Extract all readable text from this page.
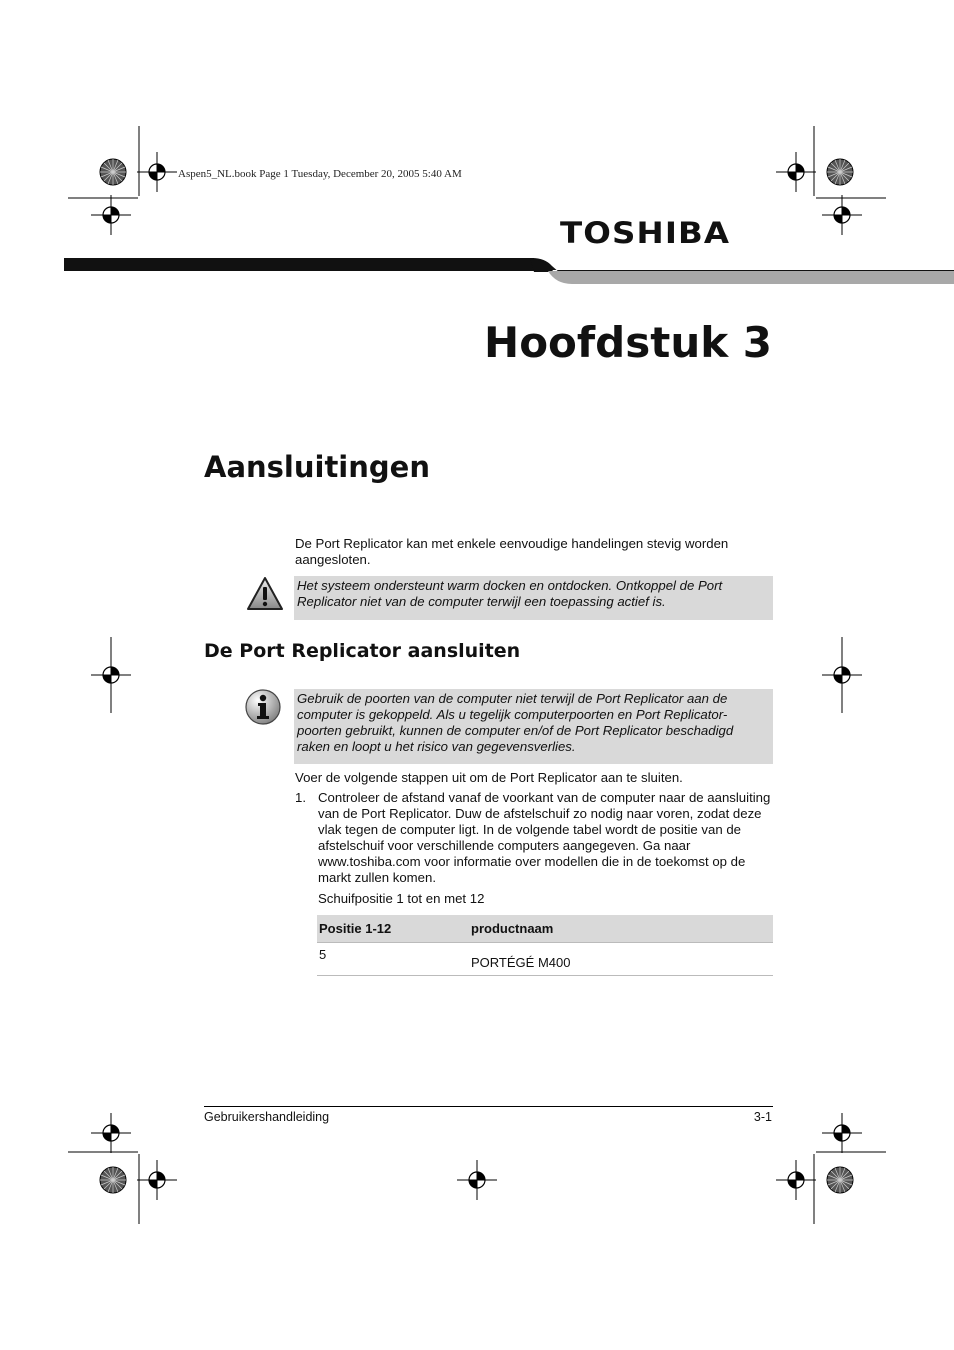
Aspen5_NL.book Page 1 Tuesday, December 20, 2005 5:40 AM
TOSHIBA
Hoofdstuk 3
Aansluitingen
De Port Replicator kan met enkele eenvoudige handelingen stevig worden aangesloten.
Het systeem ondersteunt warm docken en ontdocken. Ontkoppel de Port Replicator niet van de computer terwijl een toepassing actief is.
De Port Replicator aansluiten
Gebruik de poorten van de computer niet terwijl de Port Replicator aan de computer is gekoppeld. Als u tegelijk computerpoorten en Port Replicator-poorten gebruikt, kunnen de computer en/of de Port Replicator beschadigd raken en loopt u het risico van gegevensverlies.
Voer de volgende stappen uit om de Port Replicator aan te sluiten.
1. Controleer de afstand vanaf de voorkant van de computer naar de aansluiting van de Port Replicator. Duw de afstelschuif zo nodig naar voren, zodat deze vlak tegen de computer ligt. In de volgende tabel wordt de positie van de afstelschuif voor verschillende computers aangegeven. Ga naar www.toshiba.com voor informatie over modellen die in de toekomst op de markt zullen komen.
Schuifpositie 1 tot en met 12
Positie 1-12	productnaam
5	PORTÉGÉ M400
Gebruikershandleiding	3-1
